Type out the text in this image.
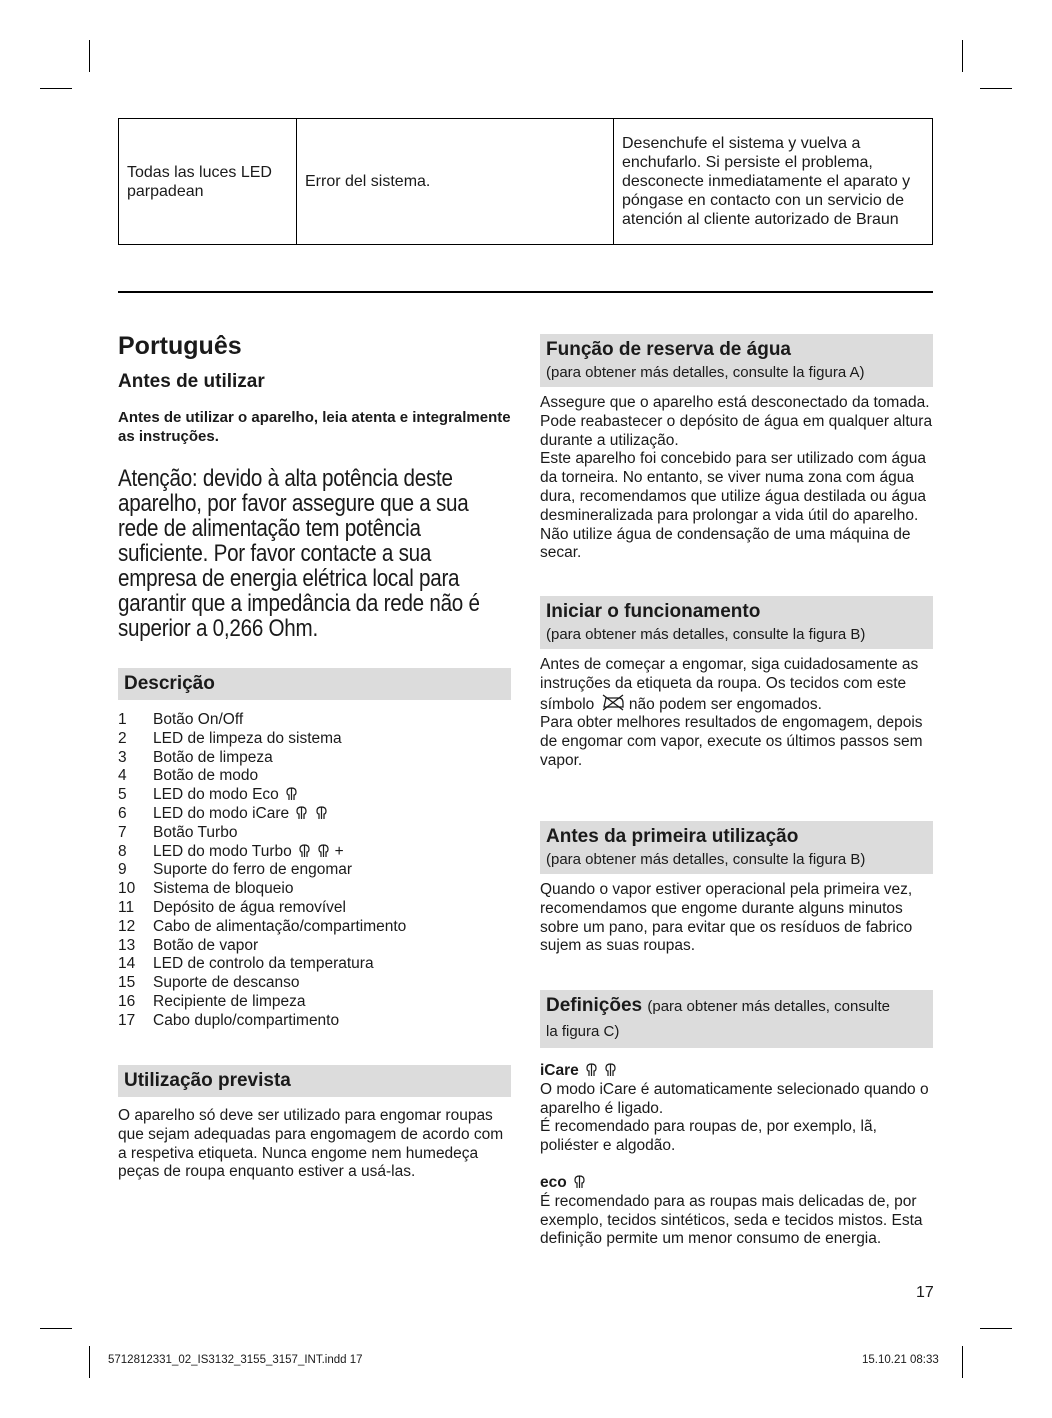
Todas las luces LED parpadean	Error del sistema.	Desenchufe el sistema y vuelva a enchufarlo. Si persiste el problema, desconecte inmediatamente el aparato y póngase en contacto con un servicio de atención al cliente autorizado de Braun
Português
Antes de utilizar

Antes de utilizar o aparelho, leia atenta e integralmente as instruções.

Atenção: devido à alta potência deste aparelho, por favor assegure que a sua rede de alimentação tem potência suficiente. Por favor contacte a sua empresa de energia elétrica local para garantir que a impedância da rede não é superior a 0,266 Ohm.

Descrição
1	Botão On/Off
2	LED de limpeza do sistema
3	Botão de limpeza
4	Botão de modo
5	LED do modo Eco
6	LED do modo iCare
7	Botão Turbo
8	LED do modo Turbo	+
9	Suporte do ferro de engomar
10	Sistema de bloqueio
11	Depósito de água removível
12	Cabo de alimentação/compartimento
13	Botão de vapor
14	LED de controlo da temperatura
15	Suporte de descanso
16	Recipiente de limpeza
17	Cabo duplo/compartimento
Utilização prevista

O aparelho só deve ser utilizado para engomar roupas que sejam adequadas para engomagem de acordo com a respetiva etiqueta. Nunca engome nem humedeça peças de roupa enquanto estiver a usá-las.

Função de reserva de água
(para obtener más detalles, consulte la figura A)

Assegure que o aparelho está desconectado da tomada. Pode reabastecer o depósito de água em qualquer altura durante a utilização.

Este aparelho foi concebido para ser utilizado com água da torneira. No entanto, se viver numa zona com água dura, recomendamos que utilize água destilada ou água desmineralizada para prolongar a vida útil do aparelho. Não utilize água de condensação de uma máquina de secar.

Iniciar o funcionamento
(para obtener más detalles, consulte la figura B)

Antes de começar a engomar, siga cuidadosamente as instruções da etiqueta da roupa. Os tecidos com este símbolo não podem ser engomados.

Para obter melhores resultados de engomagem, depois de engomar com vapor, execute os últimos passos sem vapor.

Antes da primeira utilização
(para obtener más detalles, consulte la figura B)

Quando o vapor estiver operacional pela primeira vez, recomendamos que engome durante alguns minutos sobre um pano, para evitar que os resíduos de fabrico sujem as suas roupas.

Definições (para obtener más detalles, consulte la figura C)
iCare

O modo iCare é automaticamente selecionado quando o aparelho é ligado.

É recomendado para roupas de, por exemplo, lã, poliéster e algodão.

eco

É recomendado para as roupas mais delicadas de, por exemplo, tecidos sintéticos, seda e tecidos mistos. Esta definição permite um menor consumo de energia.

17
5712812331_02_IS3132_3155_3157_INT.indd 17	15.10.21 08:33
